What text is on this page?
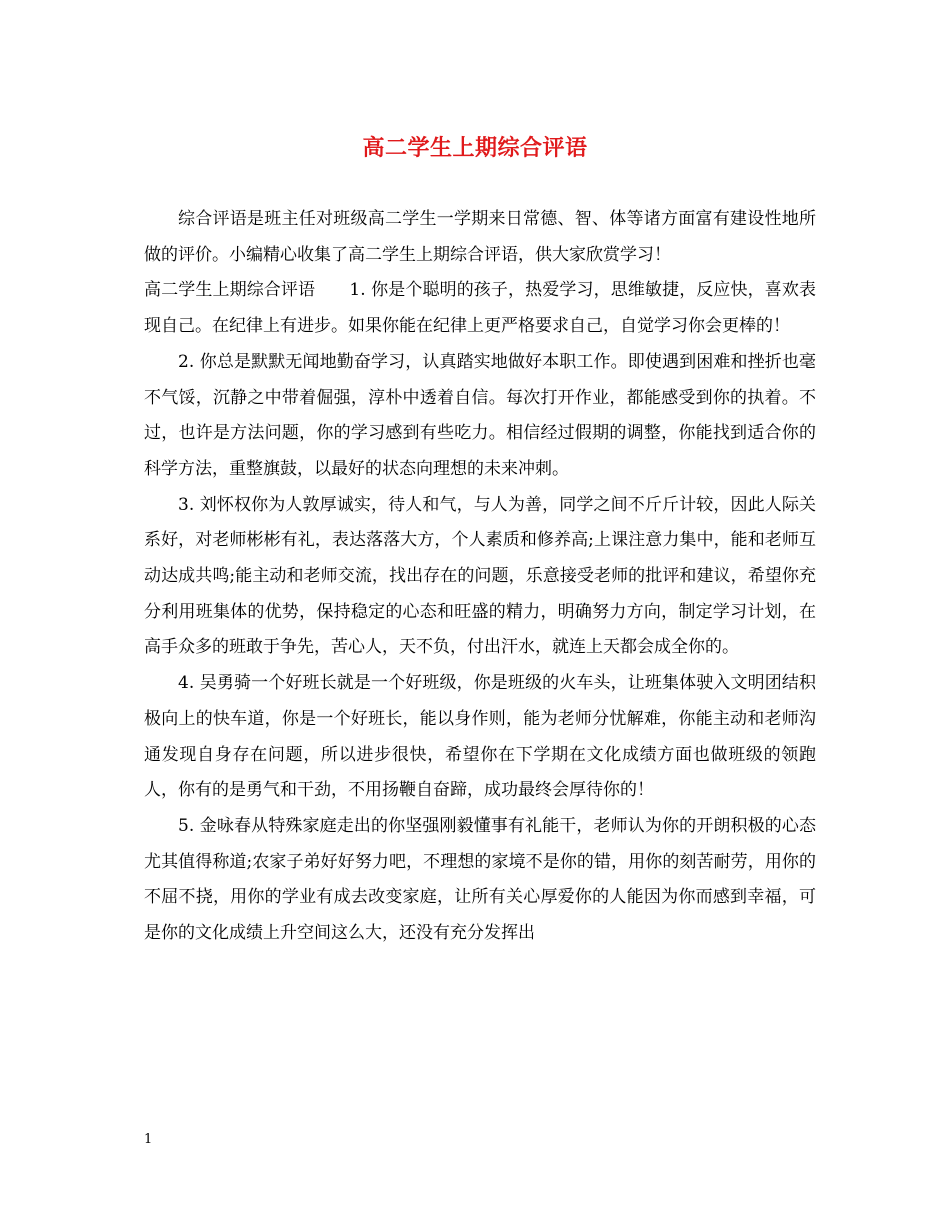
高二学生上期综合评语

综合评语是班主任对班级高二学生一学期来日常德、智、体等诸方面富有建设性地所做的评价。小编精心收集了高二学生上期综合评语，供大家欣赏学习！

高二学生上期综合评语　　1. 你是个聪明的孩子，热爱学习，思维敏捷，反应快，喜欢表现自己。在纪律上有进步。如果你能在纪律上更严格要求自己，自觉学习你会更棒的！

2. 你总是默默无闻地勤奋学习，认真踏实地做好本职工作。即使遇到困难和挫折也毫不气馁，沉静之中带着倔强，淳朴中透着自信。每次打开作业，都能感受到你的执着。不过，也许是方法问题，你的学习感到有些吃力。相信经过假期的调整，你能找到适合你的科学方法，重整旗鼓，以最好的状态向理想的未来冲刺。

3. 刘怀权你为人敦厚诚实，待人和气，与人为善，同学之间不斤斤计较，因此人际关系好，对老师彬彬有礼，表达落落大方，个人素质和修养高;上课注意力集中，能和老师互动达成共鸣;能主动和老师交流，找出存在的问题，乐意接受老师的批评和建议，希望你充分利用班集体的优势，保持稳定的心态和旺盛的精力，明确努力方向，制定学习计划，在高手众多的班敢于争先，苦心人，天不负，付出汗水，就连上天都会成全你的。

4. 吴勇骑一个好班长就是一个好班级，你是班级的火车头，让班集体驶入文明团结积极向上的快车道，你是一个好班长，能以身作则，能为老师分忧解难，你能主动和老师沟通发现自身存在问题，所以进步很快，希望你在下学期在文化成绩方面也做班级的领跑人，你有的是勇气和干劲，不用扬鞭自奋蹄，成功最终会厚待你的！

5. 金咏春从特殊家庭走出的你坚强刚毅懂事有礼能干，老师认为你的开朗积极的心态尤其值得称道;农家子弟好好努力吧，不理想的家境不是你的错，用你的刻苦耐劳，用你的不屈不挠，用你的学业有成去改变家庭，让所有关心厚爱你的人能因为你而感到幸福，可是你的文化成绩上升空间这么大，还没有充分发挥出

1
